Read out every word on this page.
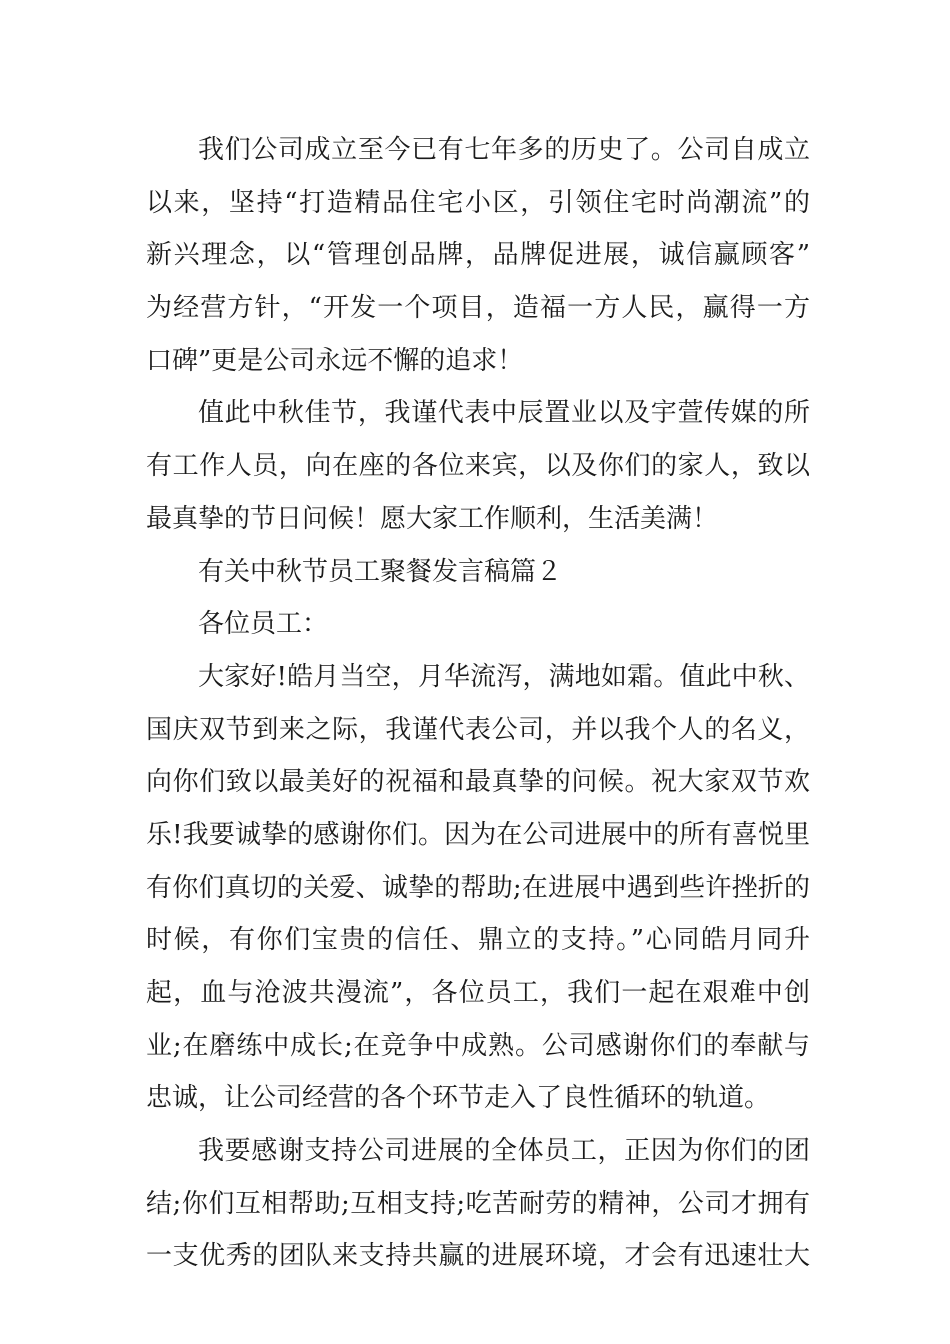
我们公司成立至今已有七年多的历史了。公司自成立
以来，坚持“打造精品住宅小区，引领住宅时尚潮流”的
新兴理念，以“管理创品牌，品牌促进展，诚信赢顾客”
为经营方针，“开发一个项目，造福一方人民，赢得一方
口碑”更是公司永远不懈的追求！
值此中秋佳节，我谨代表中辰置业以及宇萱传媒的所
有工作人员，向在座的各位来宾，以及你们的家人，致以
最真挚的节日问候！愿大家工作顺利，生活美满！
有关中秋节员工聚餐发言稿篇２
各位员工：
大家好!皓月当空，月华流泻，满地如霜。值此中秋、
国庆双节到来之际，我谨代表公司，并以我个人的名义，
向你们致以最美好的祝福和最真挚的问候。祝大家双节欢
乐!我要诚挚的感谢你们。因为在公司进展中的所有喜悦里
有你们真切的关爱、诚挚的帮助;在进展中遇到些许挫折的
时候，有你们宝贵的信任、鼎立的支持。”心同皓月同升
起，血与沧波共漫流”，各位员工，我们一起在艰难中创
业;在磨练中成长;在竞争中成熟。公司感谢你们的奉献与
忠诚，让公司经营的各个环节走入了良性循环的轨道。
我要感谢支持公司进展的全体员工，正因为你们的团
结;你们互相帮助;互相支持;吃苦耐劳的精神，公司才拥有
一支优秀的团队来支持共赢的进展环境，才会有迅速壮大
